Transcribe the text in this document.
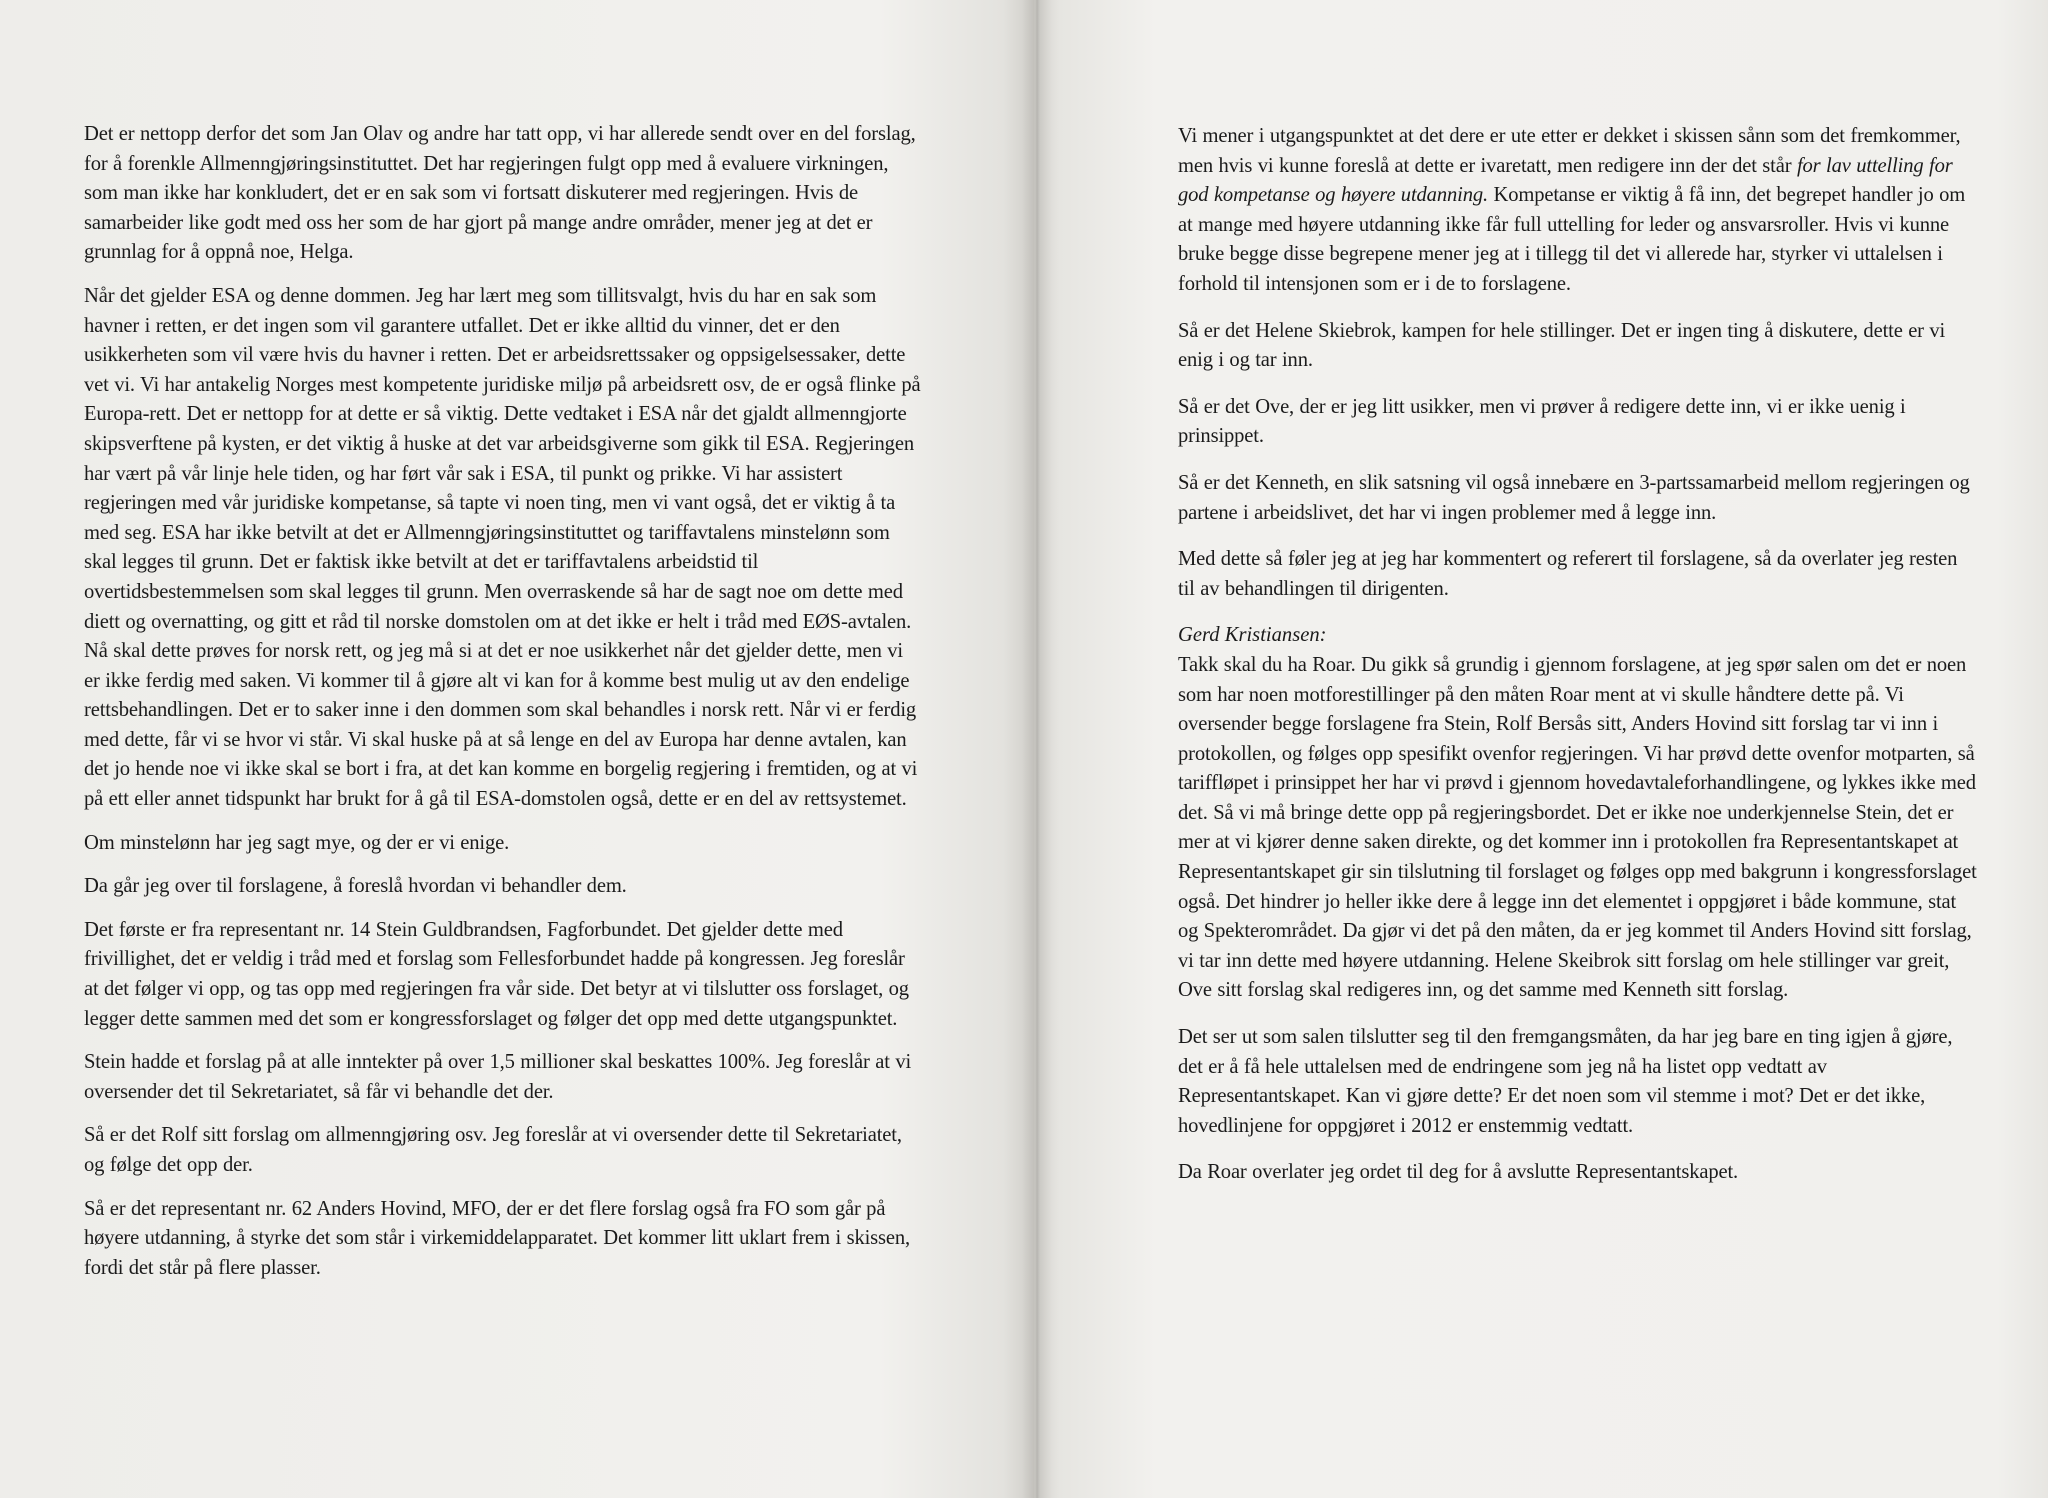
Det er nettopp derfor det som Jan Olav og andre har tatt opp, vi har allerede sendt over en del forslag, for å forenkle Allmenngjøringsinstituttet. Det har regjeringen fulgt opp med å evaluere virkningen, som man ikke har konkludert, det er en sak som vi fortsatt diskuterer med regjeringen. Hvis de samarbeider like godt med oss her som de har gjort på mange andre områder, mener jeg at det er grunnlag for å oppnå noe, Helga.

Når det gjelder ESA og denne dommen. Jeg har lært meg som tillitsvalgt, hvis du har en sak som havner i retten, er det ingen som vil garantere utfallet. Det er ikke alltid du vinner, det er den usikkerheten som vil være hvis du havner i retten. Det er arbeidsrettssaker og oppsigelsessaker, dette vet vi. Vi har antakelig Norges mest kompetente juridiske miljø på arbeidsrett osv, de er også flinke på Europa-rett. Det er nettopp for at dette er så viktig. Dette vedtaket i ESA når det gjaldt allmenngjorte skipsverftene på kysten, er det viktig å huske at det var arbeidsgiverne som gikk til ESA. Regjeringen har vært på vår linje hele tiden, og har ført vår sak i ESA, til punkt og prikke. Vi har assistert regjeringen med vår juridiske kompetanse, så tapte vi noen ting, men vi vant også, det er viktig å ta med seg. ESA har ikke betvilt at det er Allmenngjøringsinstituttet og tariffavtalens minstelønn som skal legges til grunn. Det er faktisk ikke betvilt at det er tariffavtalens arbeidstid til overtidsbestemmelsen som skal legges til grunn. Men overraskende så har de sagt noe om dette med diett og overnatting, og gitt et råd til norske domstolen om at det ikke er helt i tråd med EØS-avtalen. Nå skal dette prøves for norsk rett, og jeg må si at det er noe usikkerhet når det gjelder dette, men vi er ikke ferdig med saken. Vi kommer til å gjøre alt vi kan for å komme best mulig ut av den endelige rettsbehandlingen. Det er to saker inne i den dommen som skal behandles i norsk rett. Når vi er ferdig med dette, får vi se hvor vi står. Vi skal huske på at så lenge en del av Europa har denne avtalen, kan det jo hende noe vi ikke skal se bort i fra, at det kan komme en borgelig regjering i fremtiden, og at vi på ett eller annet tidspunkt har brukt for å gå til ESA-domstolen også, dette er en del av rettsystemet.

Om minstelønn har jeg sagt mye, og der er vi enige.

Da går jeg over til forslagene, å foreslå hvordan vi behandler dem.

Det første er fra representant nr. 14 Stein Guldbrandsen, Fagforbundet. Det gjelder dette med frivillighet, det er veldig i tråd med et forslag som Fellesforbundet hadde på kongressen. Jeg foreslår at det følger vi opp, og tas opp med regjeringen fra vår side. Det betyr at vi tilslutter oss forslaget, og legger dette sammen med det som er kongressforslaget og følger det opp med dette utgangspunktet.

Stein hadde et forslag på at alle inntekter på over 1,5 millioner skal beskattes 100%. Jeg foreslår at vi oversender det til Sekretariatet, så får vi behandle det der.

Så er det Rolf sitt forslag om allmenngjøring osv. Jeg foreslår at vi oversender dette til Sekretariatet, og følge det opp der.

Så er det representant nr. 62 Anders Hovind, MFO, der er det flere forslag også fra FO som går på høyere utdanning, å styrke det som står i virkemiddelapparatet. Det kommer litt uklart frem i skissen, fordi det står på flere plasser.

Vi mener i utgangspunktet at det dere er ute etter er dekket i skissen sånn som det fremkommer, men hvis vi kunne foreslå at dette er ivaretatt, men redigere inn der det står for lav uttelling for god kompetanse og høyere utdanning. Kompetanse er viktig å få inn, det begrepet handler jo om at mange med høyere utdanning ikke får full uttelling for leder og ansvarsroller. Hvis vi kunne bruke begge disse begrepene mener jeg at i tillegg til det vi allerede har, styrker vi uttalelsen i forhold til intensjonen som er i de to forslagene.

Så er det Helene Skiebrok, kampen for hele stillinger. Det er ingen ting å diskutere, dette er vi enig i og tar inn.

Så er det Ove, der er jeg litt usikker, men vi prøver å redigere dette inn, vi er ikke uenig i prinsippet.

Så er det Kenneth, en slik satsning vil også innebære en 3-partssamarbeid mellom regjeringen og partene i arbeidslivet, det har vi ingen problemer med å legge inn.

Med dette så føler jeg at jeg har kommentert og referert til forslagene, så da overlater jeg resten til av behandlingen til dirigenten.

Gerd Kristiansen:

Takk skal du ha Roar. Du gikk så grundig i gjennom forslagene, at jeg spør salen om det er noen som har noen motforestillinger på den måten Roar ment at vi skulle håndtere dette på. Vi oversender begge forslagene fra Stein, Rolf Bersås sitt, Anders Hovind sitt forslag tar vi inn i protokollen, og følges opp spesifikt ovenfor regjeringen. Vi har prøvd dette ovenfor motparten, så tariffløpet i prinsippet her har vi prøvd i gjennom hovedavtaleforhandlingene, og lykkes ikke med det. Så vi må bringe dette opp på regjeringsbordet. Det er ikke noe underkjennelse Stein, det er mer at vi kjører denne saken direkte, og det kommer inn i protokollen fra Representantskapet at Representantskapet gir sin tilslutning til forslaget og følges opp med bakgrunn i kongressforslaget også. Det hindrer jo heller ikke dere å legge inn det elementet i oppgjøret i både kommune, stat og Spekterområdet. Da gjør vi det på den måten, da er jeg kommet til Anders Hovind sitt forslag, vi tar inn dette med høyere utdanning. Helene Skeibrok sitt forslag om hele stillinger var greit, Ove sitt forslag skal redigeres inn, og det samme med Kenneth sitt forslag.

Det ser ut som salen tilslutter seg til den fremgangsmåten, da har jeg bare en ting igjen å gjøre, det er å få hele uttalelsen med de endringene som jeg nå ha listet opp vedtatt av Representantskapet. Kan vi gjøre dette? Er det noen som vil stemme i mot? Det er det ikke, hovedlinjene for oppgjøret i 2012 er enstemmig vedtatt.

Da Roar overlater jeg ordet til deg for å avslutte Representantskapet.
